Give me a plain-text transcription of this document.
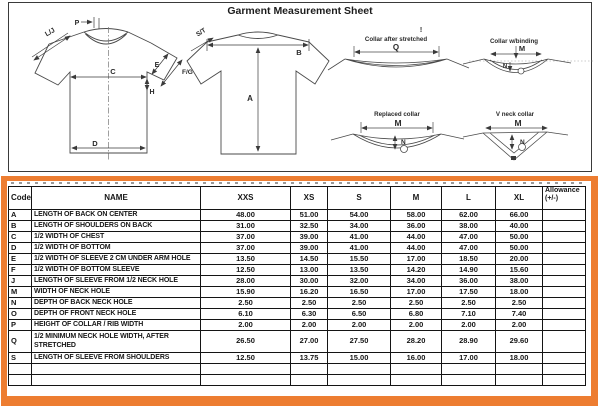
Garment Measurement Sheet
P
L/J
C
D
E
F/G
H
S/T
B
A
Collar after stretched
Q
!
Collar w/binding
M
N
Replaced collar
M
N
V neck collar
M
N
Code	NAME	XXS	XS	S	M	L	XL	Allowance
(+/-)

A	LENGTH OF BACK ON CENTER	48.00	51.00	54.00	58.00	62.00	66.00	
B	LENGTH OF SHOULDERS ON BACK	31.00	32.50	34.00	36.00	38.00	40.00	
C	1/2 WIDTH OF CHEST	37.00	39.00	41.00	44.00	47.00	50.00	
D	1/2 WIDTH OF BOTTOM	37.00	39.00	41.00	44.00	47.00	50.00	
E	1/2 WIDTH OF SLEEVE 2 CM UNDER ARM HOLE	13.50	14.50	15.50	17.00	18.50	20.00	
F	1/2 WIDTH OF BOTTOM SLEEVE	12.50	13.00	13.50	14.20	14.90	15.60	
J	LENGTH OF SLEEVE FROM 1/2 NECK HOLE	28.00	30.00	32.00	34.00	36.00	38.00	
M	WIDTH OF NECK HOLE	15.90	16.20	16.50	17.00	17.50	18.00	
N	DEPTH OF BACK NECK HOLE	2.50	2.50	2.50	2.50	2.50	2.50	
O	DEPTH OF FRONT NECK HOLE	6.10	6.30	6.50	6.80	7.10	7.40	
P	HEIGHT OF COLLAR / RIB WIDTH	2.00	2.00	2.00	2.00	2.00	2.00	
Q	1/2 MINIMUM NECK HOLE WIDTH, AFTER STRETCHED	26.50	27.00	27.50	28.20	28.90	29.60	
S	LENGTH OF SLEEVE FROM SHOULDERS	12.50	13.75	15.00	16.00	17.00	18.00	
